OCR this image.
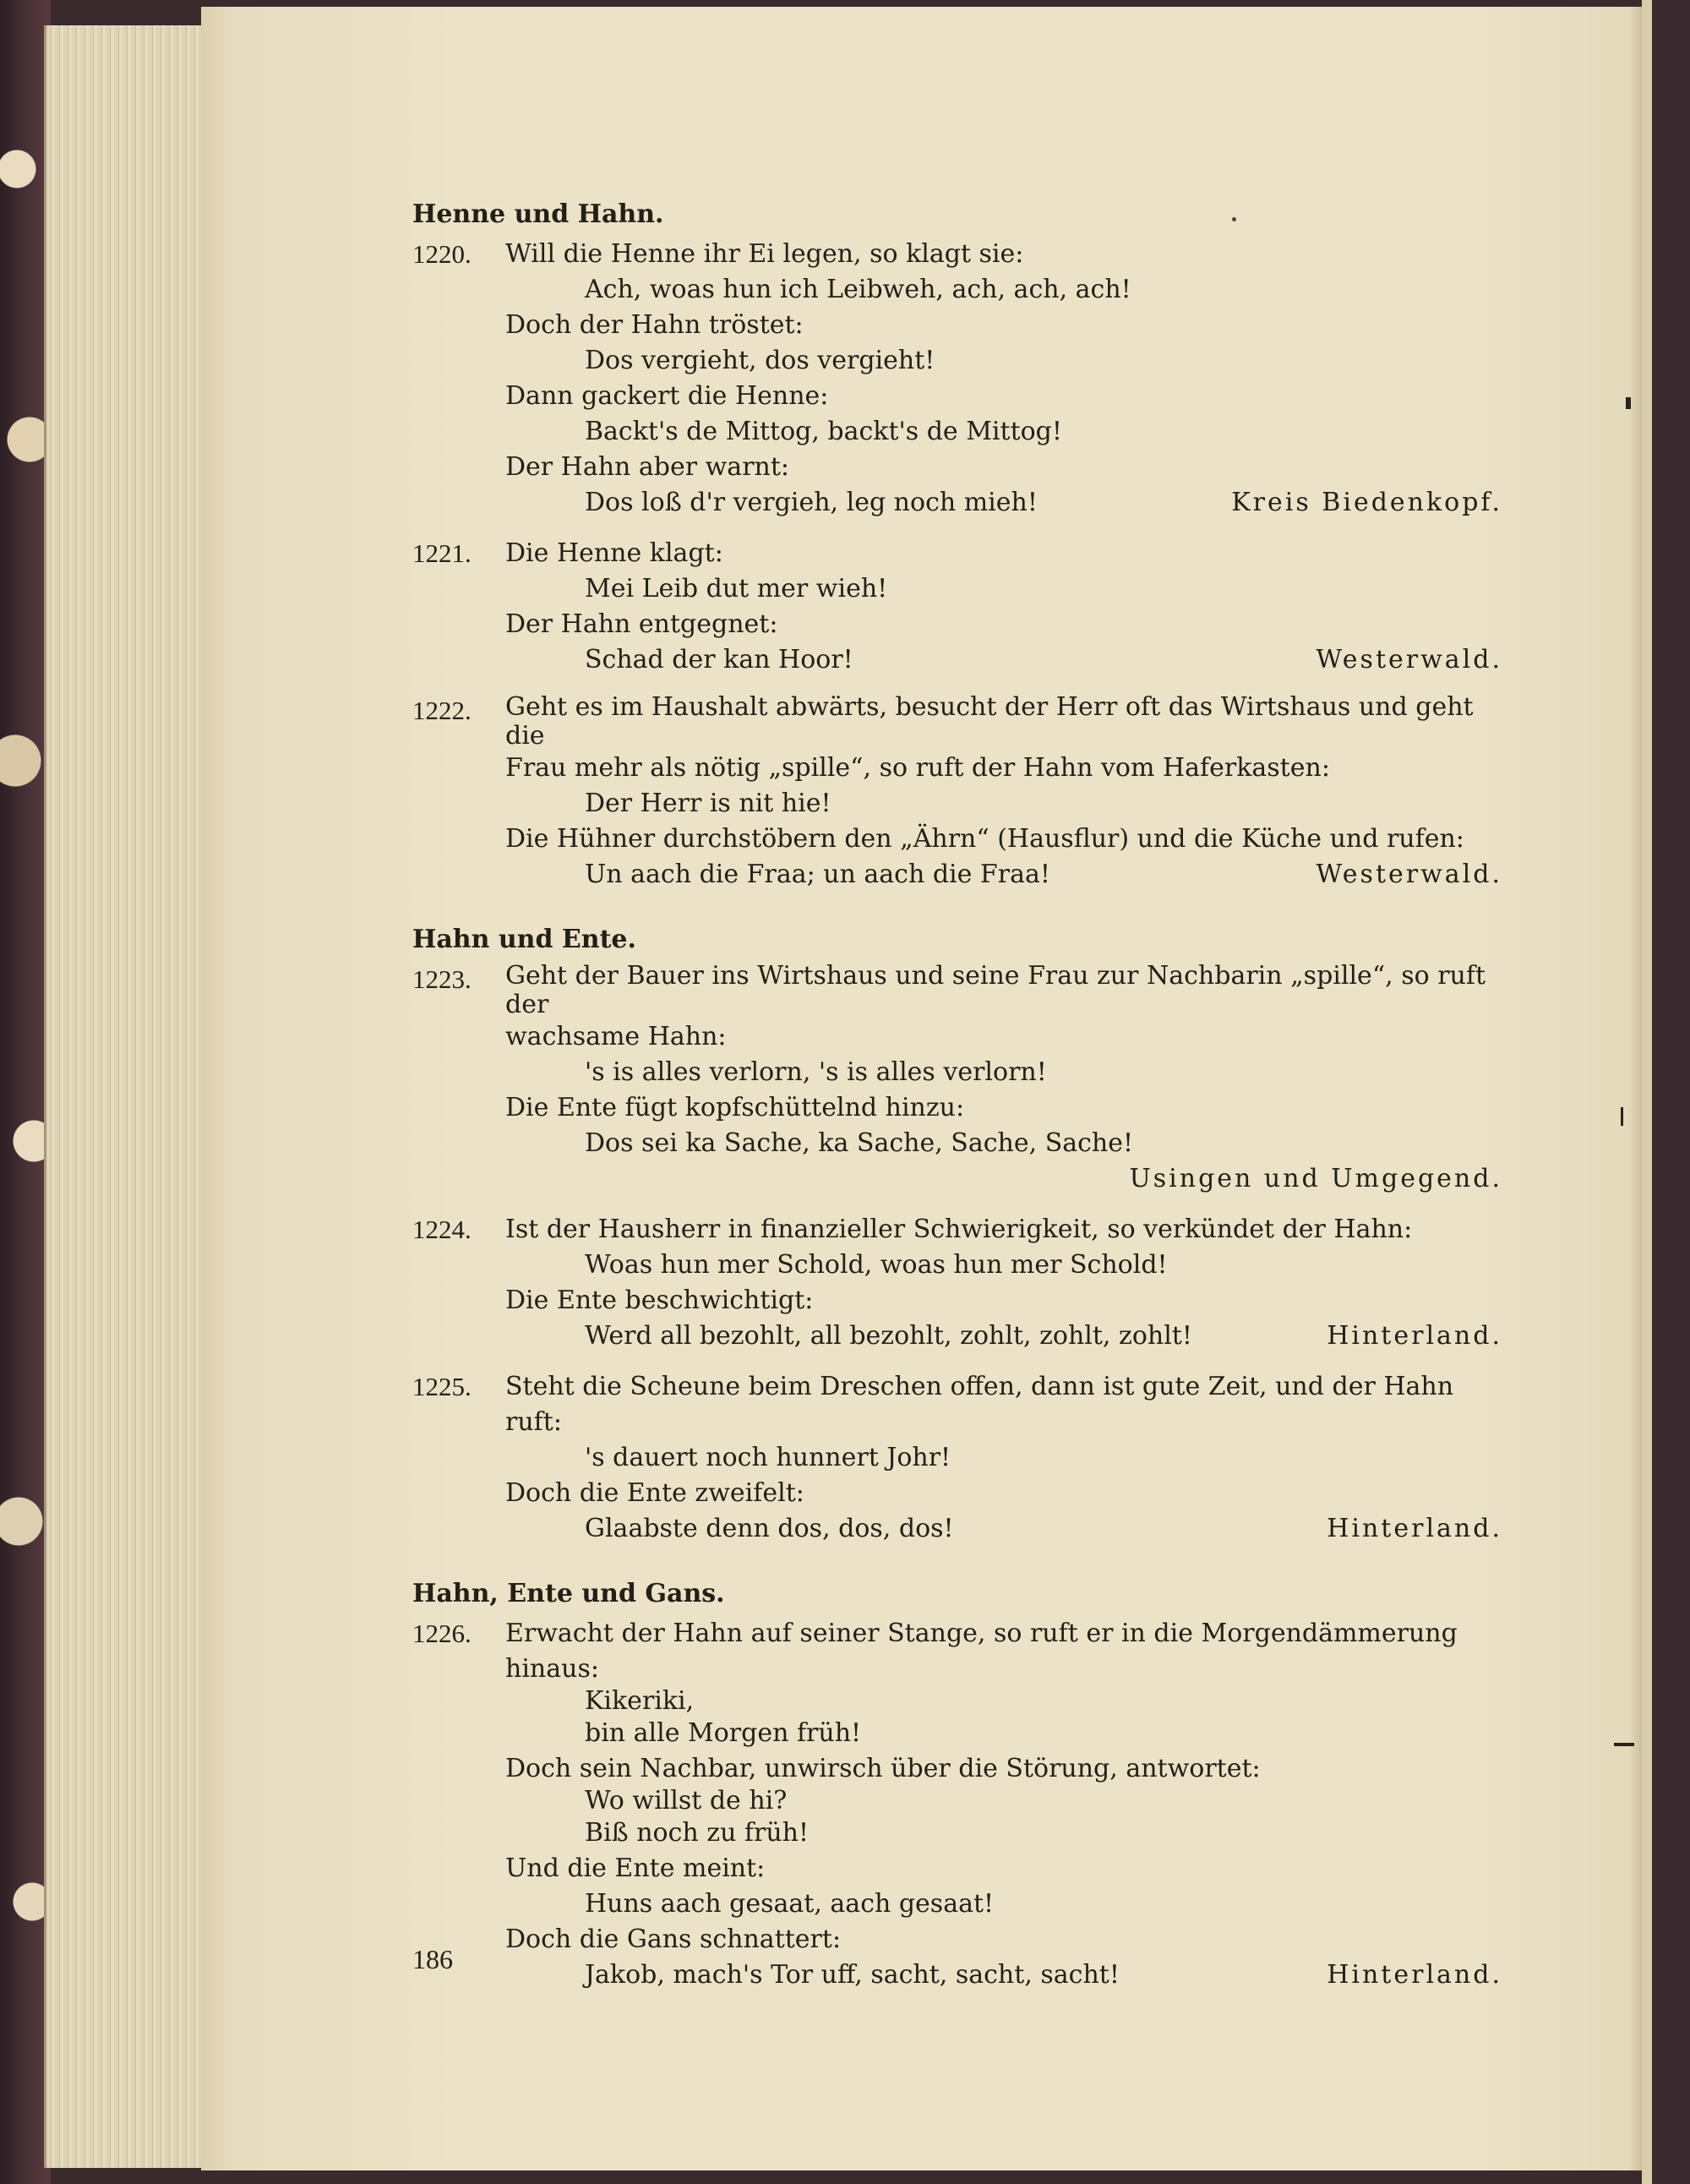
Henne und Hahn.
1220.	Will die Henne ihr Ei legen, so klagt sie:
Ach, woas hun ich Leibweh, ach, ach, ach!
Doch der Hahn tröstet:
Dos vergieht, dos vergieht!
Dann gackert die Henne:
Backt's de Mittog, backt's de Mittog!
Der Hahn aber warnt:
Dos loß d'r vergieh, leg noch mieh!	Kreis Biedenkopf.
1221.	Die Henne klagt:
Mei Leib dut mer wieh!
Der Hahn entgegnet:
Schad der kan Hoor!	Westerwald.
1222.	Geht es im Haushalt abwärts, besucht der Herr oft das Wirtshaus und geht die
Frau mehr als nötig „spille“, so ruft der Hahn vom Haferkasten:
Der Herr is nit hie!
Die Hühner durchstöbern den „Ährn“ (Hausflur) und die Küche und rufen:
Un aach die Fraa; un aach die Fraa!	Westerwald.
Hahn und Ente.
1223.	Geht der Bauer ins Wirtshaus und seine Frau zur Nachbarin „spille“, so ruft der
wachsame Hahn:
's is alles verlorn, 's is alles verlorn!
Die Ente fügt kopfschüttelnd hinzu:
Dos sei ka Sache, ka Sache, Sache, Sache!
Usingen und Umgegend.
1224.	Ist der Hausherr in finanzieller Schwierigkeit, so verkündet der Hahn:
Woas hun mer Schold, woas hun mer Schold!
Die Ente beschwichtigt:
Werd all bezohlt, all bezohlt, zohlt, zohlt, zohlt!	Hinterland.
1225.	Steht die Scheune beim Dreschen offen, dann ist gute Zeit, und der Hahn ruft:
's dauert noch hunnert Johr!
Doch die Ente zweifelt:
Glaabste denn dos, dos, dos!	Hinterland.
Hahn, Ente und Gans.
1226.	Erwacht der Hahn auf seiner Stange, so ruft er in die Morgendämmerung hinaus:
Kikeriki,
bin alle Morgen früh!
Doch sein Nachbar, unwirsch über die Störung, antwortet:
Wo willst de hi?
Biß noch zu früh!
Und die Ente meint:
Huns aach gesaat, aach gesaat!
Doch die Gans schnattert:
Jakob, mach's Tor uff, sacht, sacht, sacht!	Hinterland.
186
